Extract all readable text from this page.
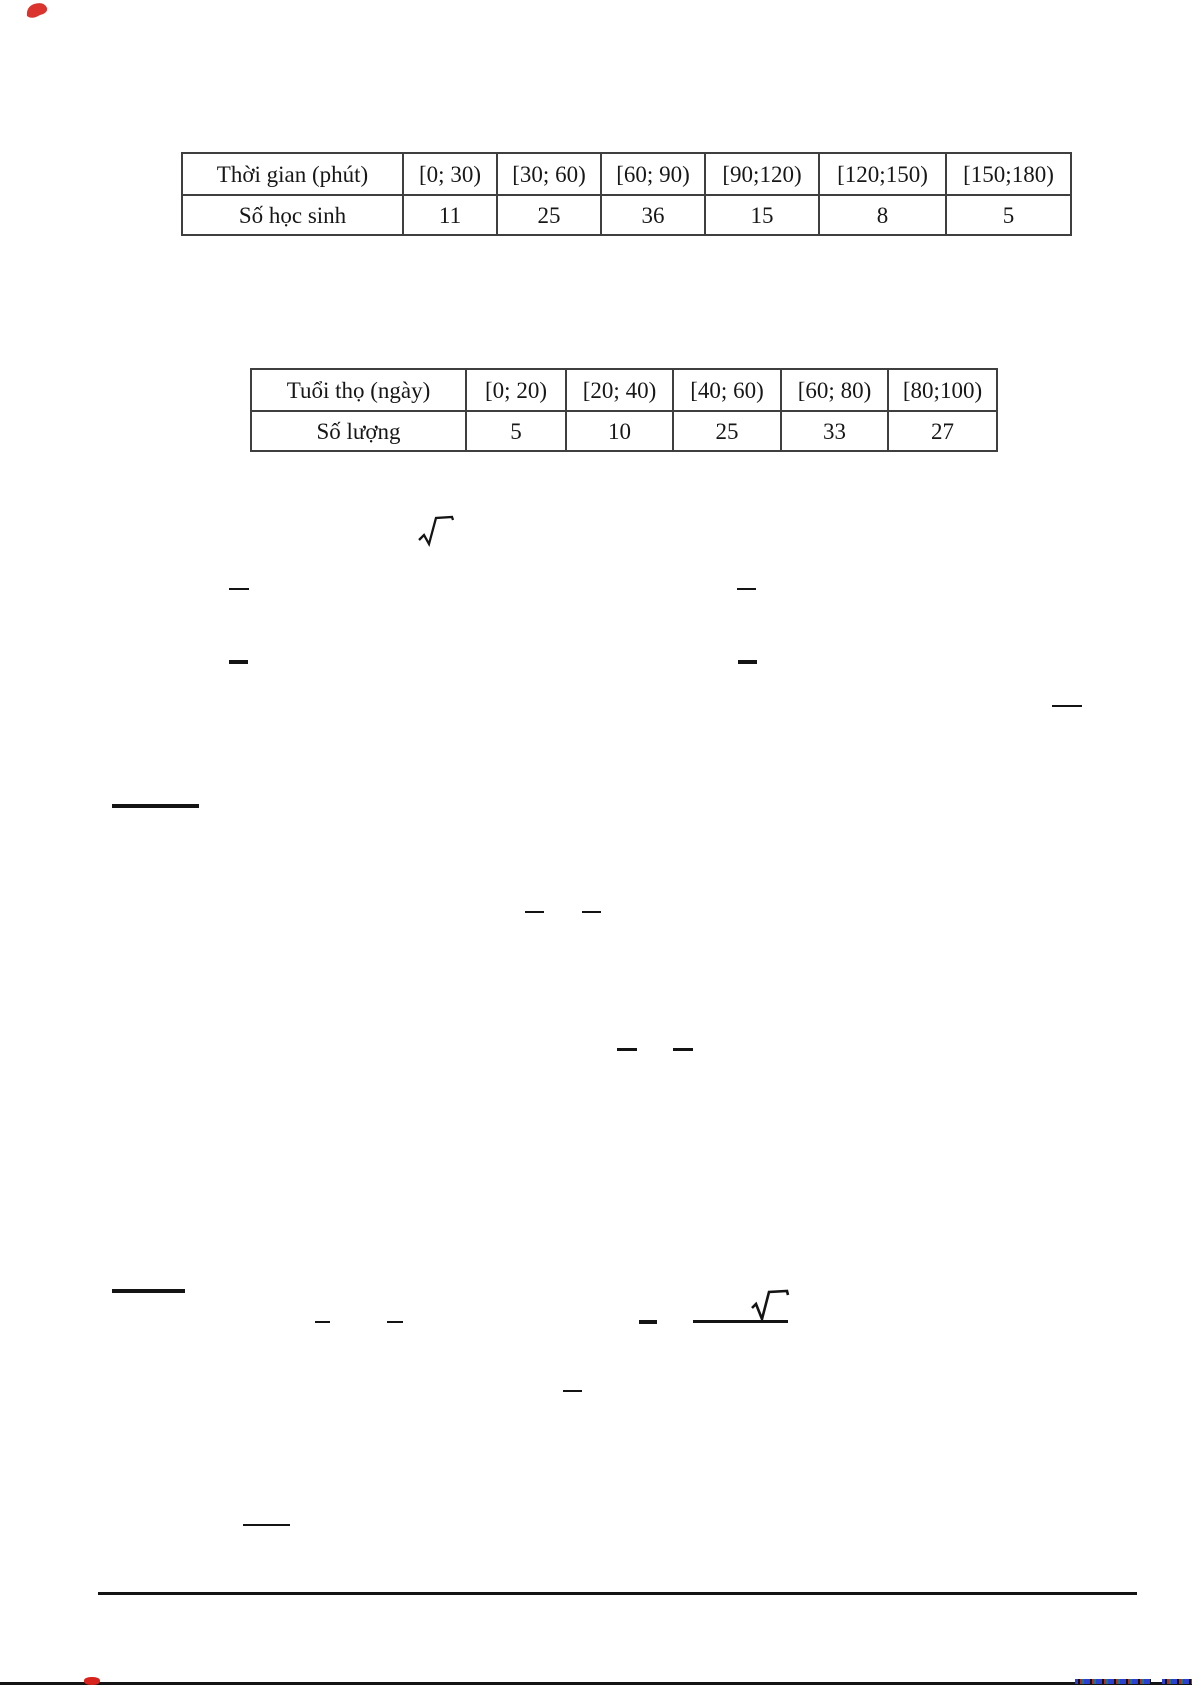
Thời gian (phút)	[0; 30)	[30; 60)	[60; 90)	[90;120)	[120;150)	[150;180)
Số học sinh	11	25	36	15	8	5
Tuổi thọ (ngày)	[0; 20)	[20; 40)	[40; 60)	[60; 80)	[80;100)
Số lượng	5	10	25	33	27
